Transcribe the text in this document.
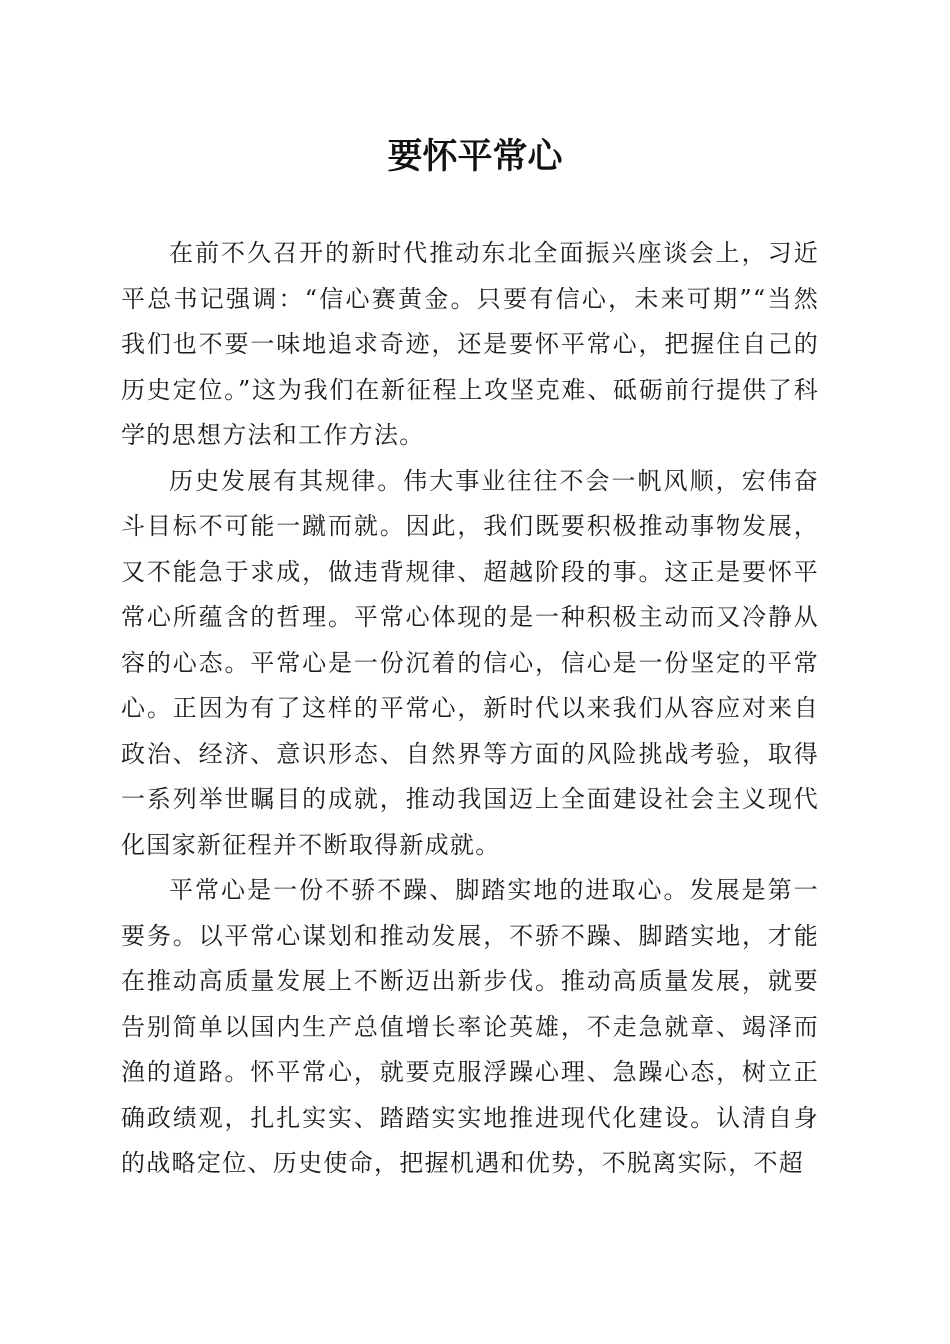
要怀平常心

在前不久召开的新时代推动东北全面振兴座谈会上，习近平总书记强调：“信心赛黄金。只要有信心，未来可期”“当然我们也不要一味地追求奇迹，还是要怀平常心，把握住自己的历史定位。”这为我们在新征程上攻坚克难、砥砺前行提供了科学的思想方法和工作方法。

历史发展有其规律。伟大事业往往不会一帆风顺，宏伟奋斗目标不可能一蹴而就。因此，我们既要积极推动事物发展，又不能急于求成，做违背规律、超越阶段的事。这正是要怀平常心所蕴含的哲理。平常心体现的是一种积极主动而又冷静从容的心态。平常心是一份沉着的信心，信心是一份坚定的平常心。正因为有了这样的平常心，新时代以来我们从容应对来自政治、经济、意识形态、自然界等方面的风险挑战考验，取得一系列举世瞩目的成就，推动我国迈上全面建设社会主义现代化国家新征程并不断取得新成就。

平常心是一份不骄不躁、脚踏实地的进取心。发展是第一要务。以平常心谋划和推动发展，不骄不躁、脚踏实地，才能在推动高质量发展上不断迈出新步伐。推动高质量发展，就要告别简单以国内生产总值增长率论英雄，不走急就章、竭泽而渔的道路。怀平常心，就要克服浮躁心理、急躁心态，树立正确政绩观，扎扎实实、踏踏实实地推进现代化建设。认清自身的战略定位、历史使命，把握机遇和优势，不脱离实际，不超
